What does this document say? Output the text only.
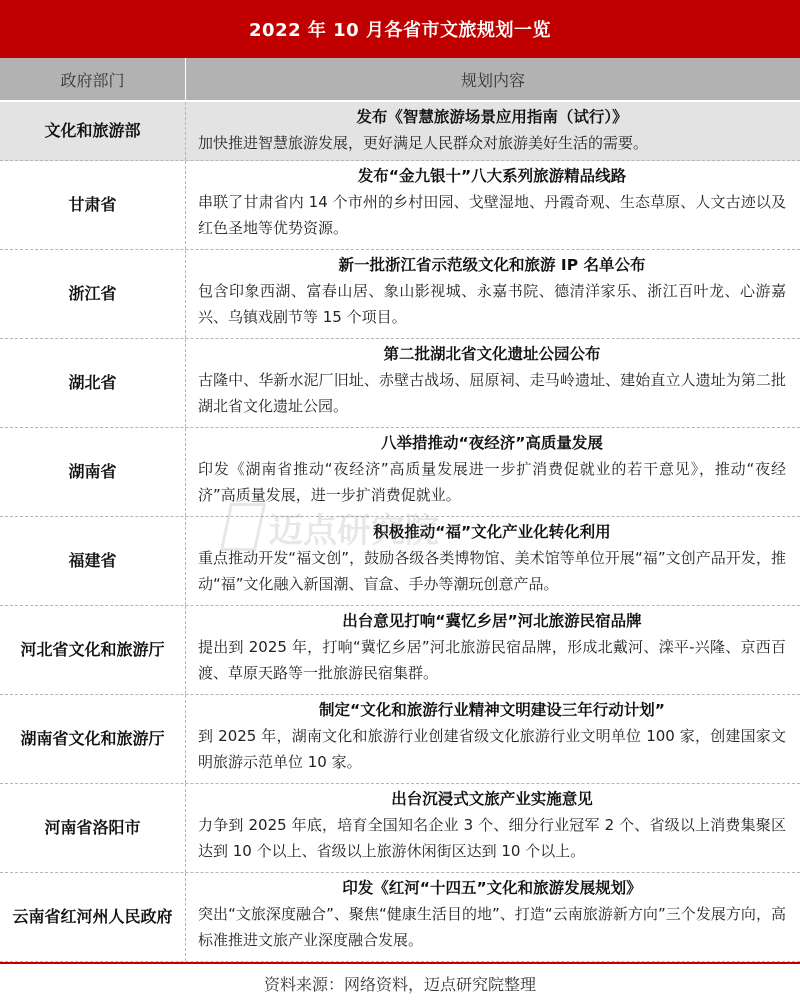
2022 年 10 月各省市文旅规划一览
政府部门	规划内容
文化和旅游部
发布《智慧旅游场景应用指南（试行）》
加快推进智慧旅游发展，更好满足人民群众对旅游美好生活的需要。
甘肃省
发布“金九银十”八大系列旅游精品线路
串联了甘肃省内 14 个市州的乡村田园、戈壁湿地、丹霞奇观、生态草原、人文古迹以及红色圣地等优势资源。
浙江省
新一批浙江省示范级文化和旅游 IP 名单公布
包含印象西湖、富春山居、象山影视城、永嘉书院、德清洋家乐、浙江百叶龙、心游嘉兴、乌镇戏剧节等 15 个项目。
湖北省
第二批湖北省文化遗址公园公布
古隆中、华新水泥厂旧址、赤壁古战场、屈原祠、走马岭遗址、建始直立人遗址为第二批湖北省文化遗址公园。
湖南省
八举措推动“夜经济”高质量发展
印发《湖南省推动“夜经济”高质量发展进一步扩消费促就业的若干意见》，推动“夜经济”高质量发展，进一步扩消费促就业。
福建省
积极推动“福”文化产业化转化利用
重点推动开发“福文创”，鼓励各级各类博物馆、美术馆等单位开展“福”文创产品开发，推动“福”文化融入新国潮、盲盒、手办等潮玩创意产品。
河北省文化和旅游厅
出台意见打响“冀忆乡居”河北旅游民宿品牌
提出到 2025 年，打响“冀忆乡居”河北旅游民宿品牌，形成北戴河、滦平-兴隆、京西百渡、草原天路等一批旅游民宿集群。
湖南省文化和旅游厅
制定“文化和旅游行业精神文明建设三年行动计划”
到 2025 年，湖南文化和旅游行业创建省级文化旅游行业文明单位 100 家，创建国家文明旅游示范单位 10 家。
河南省洛阳市
出台沉浸式文旅产业实施意见
力争到 2025 年底，培育全国知名企业 3 个、细分行业冠军 2 个、省级以上消费集聚区达到 10 个以上、省级以上旅游休闲街区达到 10 个以上。
云南省红河州人民政府
印发《红河“十四五”文化和旅游发展规划》
突出“文旅深度融合”、聚焦“健康生活目的地”、打造“云南旅游新方向”三个发展方向，高标准推进文旅产业深度融合发展。
迈点研究院
资料来源：网络资料，迈点研究院整理
